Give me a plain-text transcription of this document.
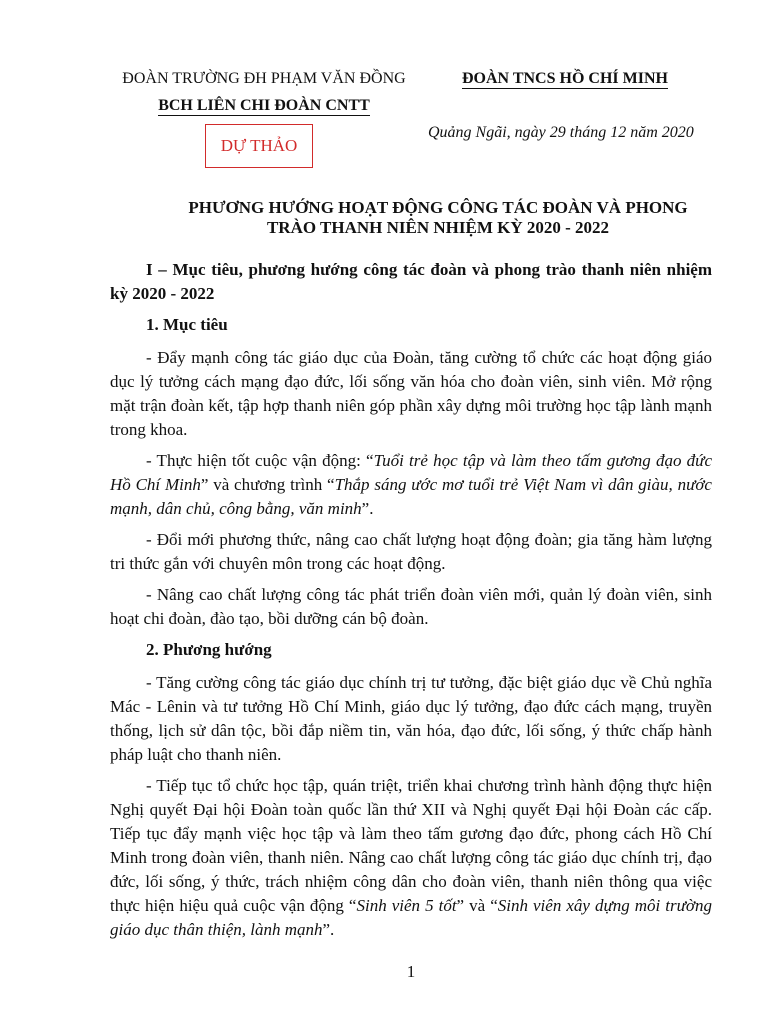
ĐOÀN TRƯỜNG ĐH PHẠM VĂN ĐỒNG
BCH LIÊN CHI ĐOÀN CNTT
ĐOÀN TNCS HỒ CHÍ MINH
DỰ THẢO
Quảng Ngãi, ngày 29 tháng 12 năm 2020
PHƯƠNG HƯỚNG HOẠT ĐỘNG CÔNG TÁC ĐOÀN VÀ PHONG
TRÀO THANH NIÊN NHIỆM KỲ 2020 - 2022

I – Mục tiêu, phương hướng công tác đoàn và phong trào thanh niên nhiệm kỳ 2020 - 2022

1. Mục tiêu

- Đẩy mạnh công tác giáo dục của Đoàn, tăng cường tổ chức các hoạt động giáo dục lý tưởng cách mạng đạo đức, lối sống văn hóa cho đoàn viên, sinh viên. Mở rộng mặt trận đoàn kết, tập hợp thanh niên góp phần xây dựng môi trường học tập lành mạnh trong khoa.

- Thực hiện tốt cuộc vận động: “Tuổi trẻ học tập và làm theo tấm gương đạo đức Hồ Chí Minh” và chương trình “Thắp sáng ước mơ tuổi trẻ Việt Nam vì dân giàu, nước mạnh, dân chủ, công bằng, văn minh”.

- Đổi mới phương thức, nâng cao chất lượng hoạt động đoàn; gia tăng hàm lượng tri thức gắn với chuyên môn trong các hoạt động.

- Nâng cao chất lượng công tác phát triển đoàn viên mới, quản lý đoàn viên, sinh hoạt chi đoàn, đào tạo, bồi dưỡng cán bộ đoàn.

2. Phương hướng

- Tăng cường công tác giáo dục chính trị tư tưởng, đặc biệt giáo dục về Chủ nghĩa Mác - Lênin và tư tưởng Hồ Chí Minh, giáo dục lý tưởng, đạo đức cách mạng, truyền thống, lịch sử dân tộc, bồi đắp niềm tin, văn hóa, đạo đức, lối sống, ý thức chấp hành pháp luật cho thanh niên.

- Tiếp tục tổ chức học tập, quán triệt, triển khai chương trình hành động thực hiện Nghị quyết Đại hội Đoàn toàn quốc lần thứ XII và Nghị quyết Đại hội Đoàn các cấp. Tiếp tục đẩy mạnh việc học tập và làm theo tấm gương đạo đức, phong cách Hồ Chí Minh trong đoàn viên, thanh niên. Nâng cao chất lượng công tác giáo dục chính trị, đạo đức, lối sống, ý thức, trách nhiệm công dân cho đoàn viên, thanh niên thông qua việc thực hiện hiệu quả cuộc vận động “Sinh viên 5 tốt” và “Sinh viên xây dựng môi trường giáo dục thân thiện, lành mạnh”.

1
